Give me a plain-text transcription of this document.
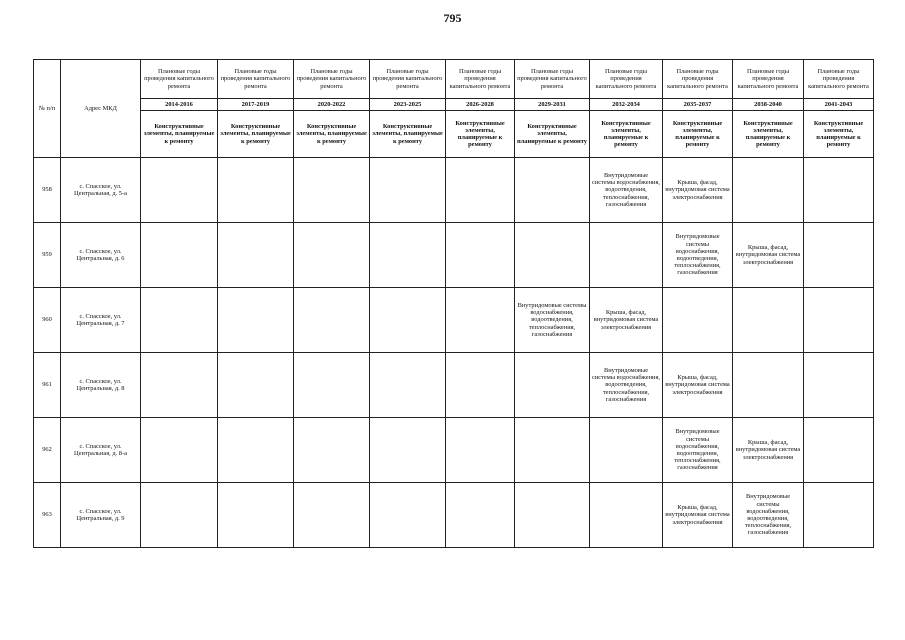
795
№ п/п	Адрес МКД	Плановые годы проведения капитального ремонта	Плановые годы проведения капитального ремонта	Плановые годы проведения капитального ремонта	Плановые годы проведения капитального ремонта	Плановые годы проведения капитального ремонта	Плановые годы проведения капитального ремонта	Плановые годы проведения капитального ремонта	Плановые годы проведения капитального ремонта	Плановые годы проведения капитального ремонта	Плановые годы проведения капитального ремонта
		2014-2016	2017-2019	2020-2022	2023-2025	2026-2028	2029-2031	2032-2034	2035-2037	2038-2040	2041-2043
		Конструктивные элементы, планируемые к ремонту	Конструктивные элементы, планируемые к ремонту	Конструктивные элементы, планируемые к ремонту	Конструктивные элементы, планируемые к ремонту	Конструктивные элементы, планируемые к ремонту	Конструктивные элементы, планируемые к ремонту	Конструктивные элементы, планируемые к ремонту	Конструктивные элементы, планируемые к ремонту	Конструктивные элементы, планируемые к ремонту	Конструктивные элементы, планируемые к ремонту
958	с. Спасское, ул. Центральная, д. 5-а							Внутридомовые системы водоснабжения, водоотведения, теплоснабжения, газоснабжения	Крыша, фасад, внутридомовая система электроснабжения		
959	с. Спасское, ул. Центральная, д. 6								Внутридомовые системы водоснабжения, водоотведения, теплоснабжения, газоснабжения	Крыша, фасад, внутридомовая система электроснабжения	
960	с. Спасское, ул. Центральная, д. 7						Внутридомовые системы водоснабжения, водоотведения, теплоснабжения, газоснабжения	Крыша, фасад, внутридомовая система электроснабжения			
961	с. Спасское, ул. Центральная, д. 8							Внутридомовые системы водоснабжения, водоотведения, теплоснабжения, газоснабжения	Крыша, фасад, внутридомовая система электроснабжения		
962	с. Спасское, ул. Центральная, д. 8-а								Внутридомовые системы водоснабжения, водоотведения, теплоснабжения, газоснабжения	Крыша, фасад, внутридомовая система электроснабжения	
963	с. Спасское, ул. Центральная, д. 9								Крыша, фасад, внутридомовая система электроснабжения	Внутридомовые системы водоснабжения, водоотведения, теплоснабжения, газоснабжения	
